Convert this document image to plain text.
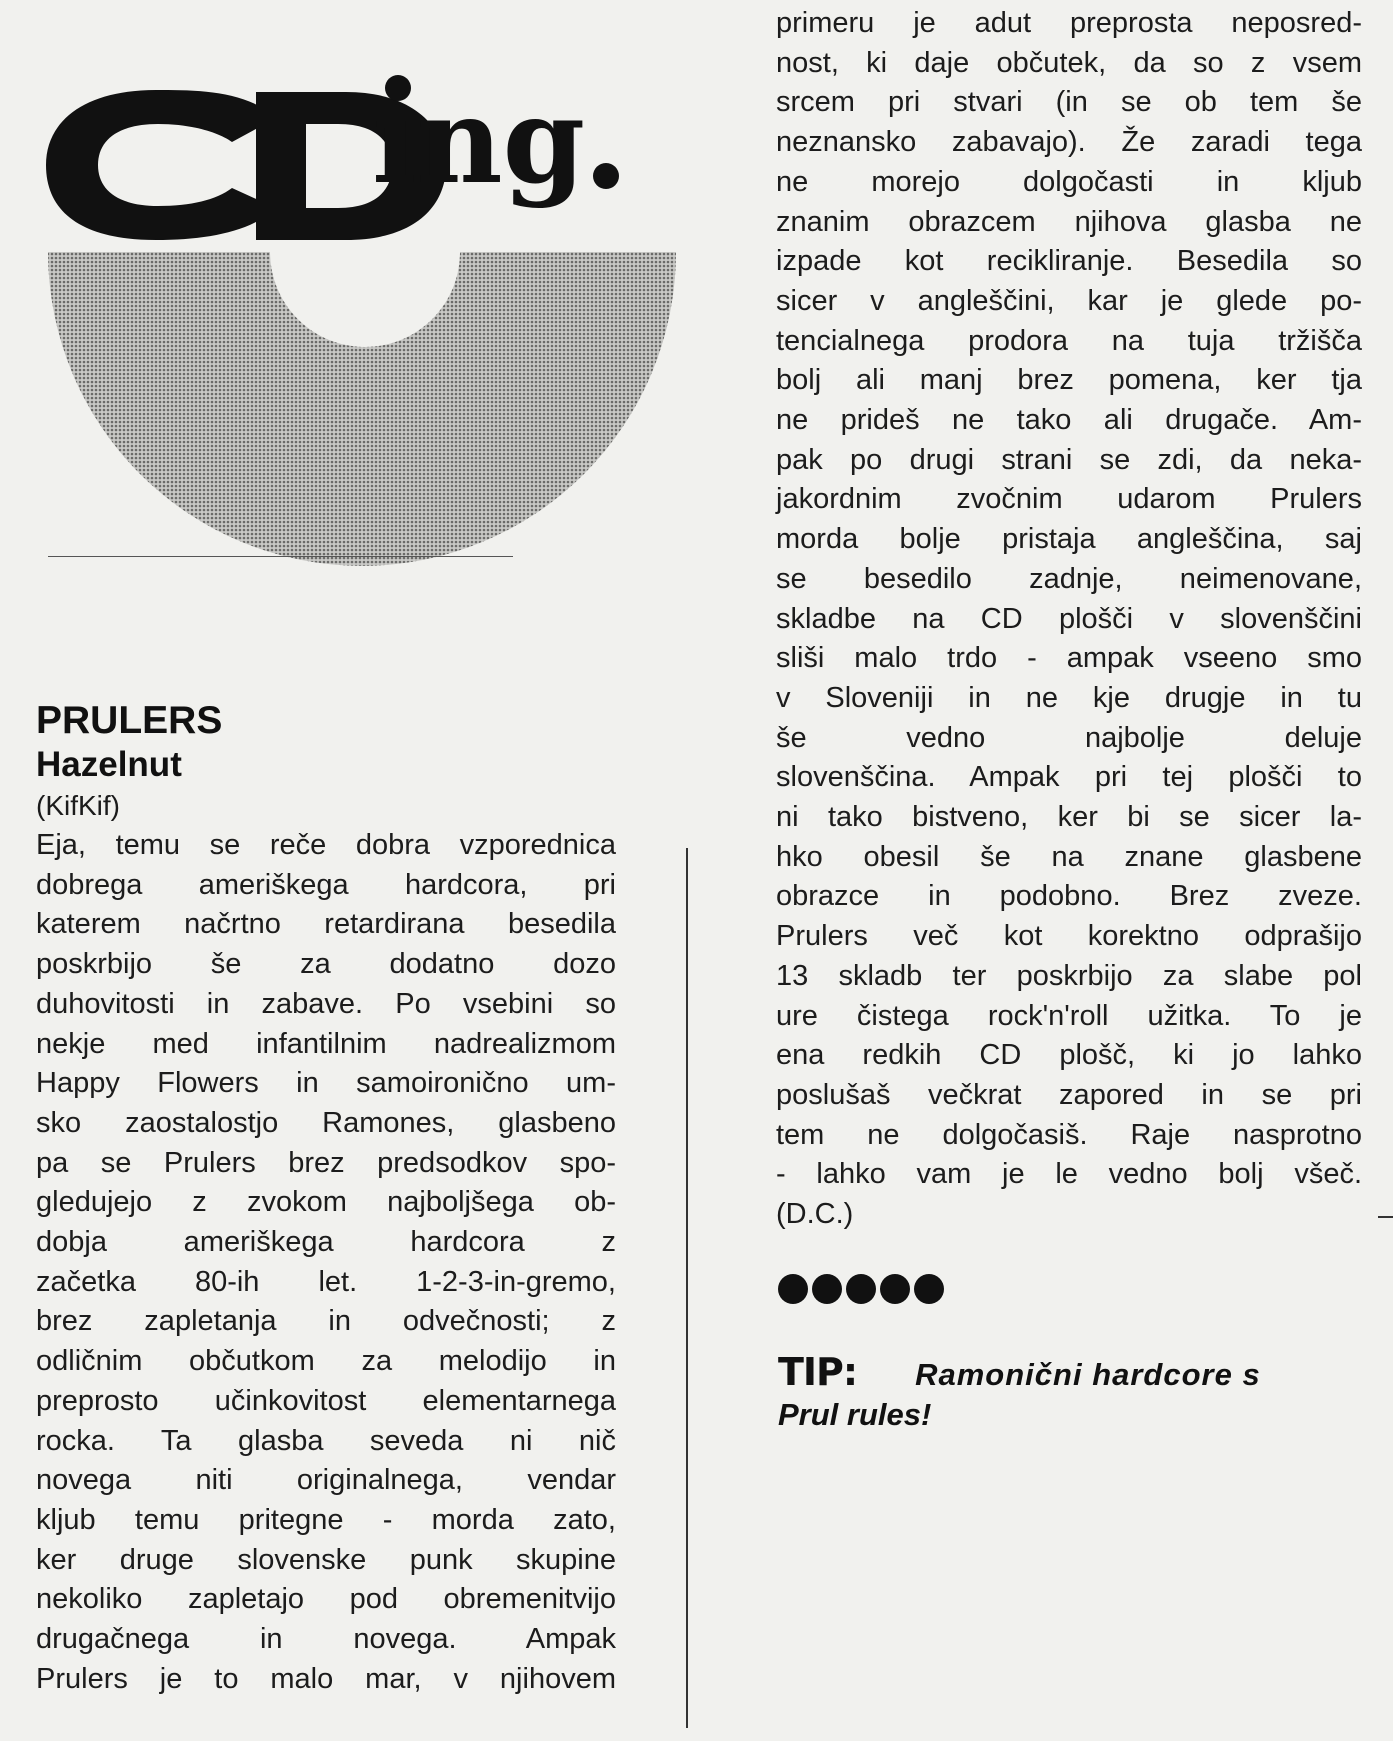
ıng

PRULERS

Hazelnut

(KifKif)

Eja, temu se reče dobra vzporednica
dobrega ameriškega hardcora, pri
katerem načrtno retardirana besedila
poskrbijo še za dodatno dozo
duhovitosti in zabave. Po vsebini so
nekje med infantilnim nadrealizmom
Happy Flowers in samoironično um-
sko zaostalostjo Ramones, glasbeno
pa se Prulers brez predsodkov spo-
gledujejo z zvokom najboljšega ob-
dobja ameriškega hardcora z
začetka 80-ih let. 1-2-3-in-gremo,
brez zapletanja in odvečnosti; z
odličnim občutkom za melodijo in
preprosto učinkovitost elementarnega
rocka. Ta glasba seveda ni nič
novega niti originalnega, vendar
kljub temu pritegne - morda zato,
ker druge slovenske punk skupine
nekoliko zapletajo pod obremenitvijo
drugačnega in novega. Ampak
Prulers je to malo mar, v njihovem
primeru je adut preprosta neposred-
nost, ki daje občutek, da so z vsem
srcem pri stvari (in se ob tem še
neznansko zabavajo). Že zaradi tega
ne morejo dolgočasti in kljub
znanim obrazcem njihova glasba ne
izpade kot recikliranje. Besedila so
sicer v angleščini, kar je glede po-
tencialnega prodora na tuja tržišča
bolj ali manj brez pomena, ker tja
ne prideš ne tako ali drugače. Am-
pak po drugi strani se zdi, da neka-
jakordnim zvočnim udarom Prulers
morda bolje pristaja angleščina, saj
se besedilo zadnje, neimenovane,
skladbe na CD plošči v slovenščini
sliši malo trdo - ampak vseeno smo
v Sloveniji in ne kje drugje in tu
še vedno najbolje deluje
slovenščina. Ampak pri tej plošči to
ni tako bistveno, ker bi se sicer la-
hko obesil še na znane glasbene
obrazce in podobno. Brez zveze.
Prulers več kot korektno odprašijo
13 skladb ter poskrbijo za slabe pol
ure čistega rock'n'roll užitka. To je
ena redkih CD plošč, ki jo lahko
poslušaš večkrat zapored in se pri
tem ne dolgočasiš. Raje nasprotno
- lahko vam je le vedno bolj všeč.
(D.C.)
TIP: Ramonični hardcore s
Prul rules!
